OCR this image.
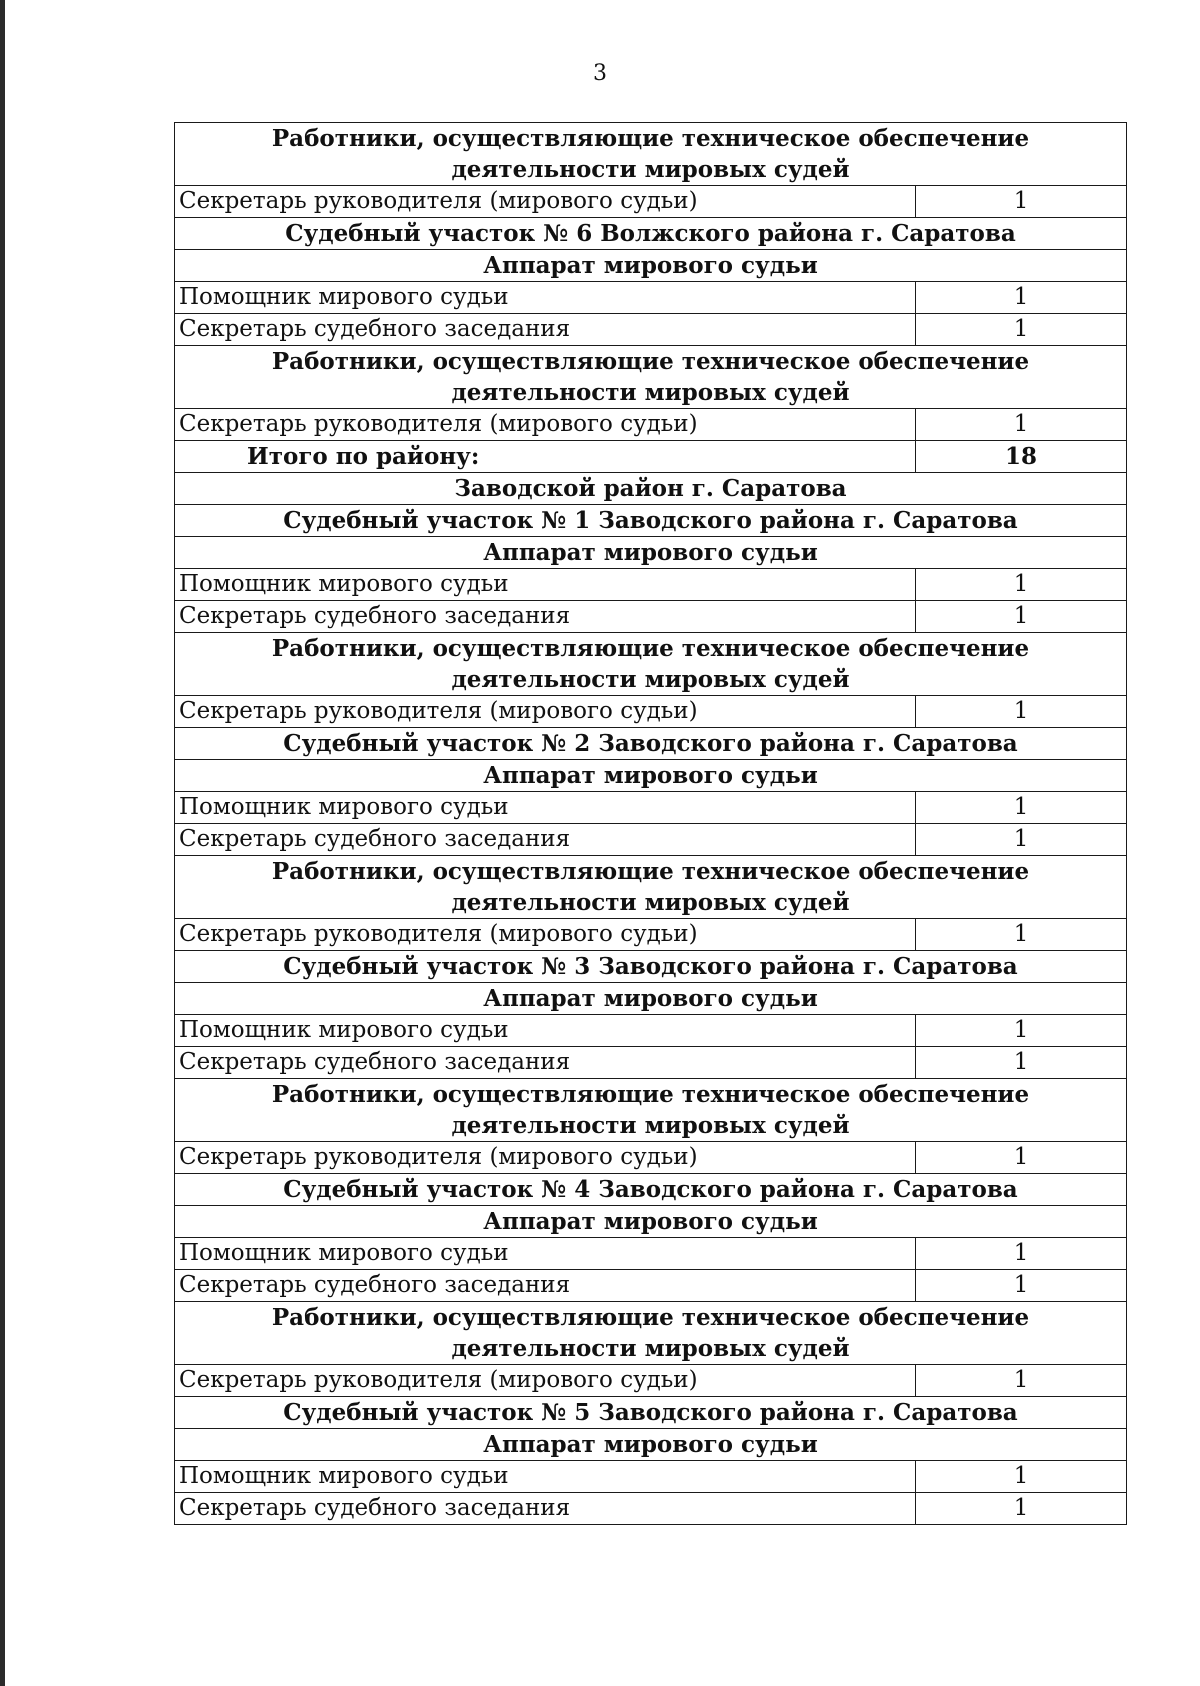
3
Работники, осуществляющие техническое обеспечение деятельности мировых судей	
Секретарь руководителя (мирового судьи)	1
Судебный участок № 6 Волжского района г. Саратова	
Аппарат мирового судьи	
Помощник мирового судьи	1
Секретарь судебного заседания	1
Работники, осуществляющие техническое обеспечение деятельности мировых судей	
Секретарь руководителя (мирового судьи)	1
Итого по району:	18
Заводской район г. Саратова	
Судебный участок № 1 Заводского района г. Саратова	
Аппарат мирового судьи	
Помощник мирового судьи	1
Секретарь судебного заседания	1
Работники, осуществляющие техническое обеспечение деятельности мировых судей	
Секретарь руководителя (мирового судьи)	1
Судебный участок № 2 Заводского района г. Саратова	
Аппарат мирового судьи	
Помощник мирового судьи	1
Секретарь судебного заседания	1
Работники, осуществляющие техническое обеспечение деятельности мировых судей	
Секретарь руководителя (мирового судьи)	1
Судебный участок № 3 Заводского района г. Саратова	
Аппарат мирового судьи	
Помощник мирового судьи	1
Секретарь судебного заседания	1
Работники, осуществляющие техническое обеспечение деятельности мировых судей	
Секретарь руководителя (мирового судьи)	1
Судебный участок № 4 Заводского района г. Саратова	
Аппарат мирового судьи	
Помощник мирового судьи	1
Секретарь судебного заседания	1
Работники, осуществляющие техническое обеспечение деятельности мировых судей	
Секретарь руководителя (мирового судьи)	1
Судебный участок № 5 Заводского района г. Саратова	
Аппарат мирового судьи	
Помощник мирового судьи	1
Секретарь судебного заседания	1
